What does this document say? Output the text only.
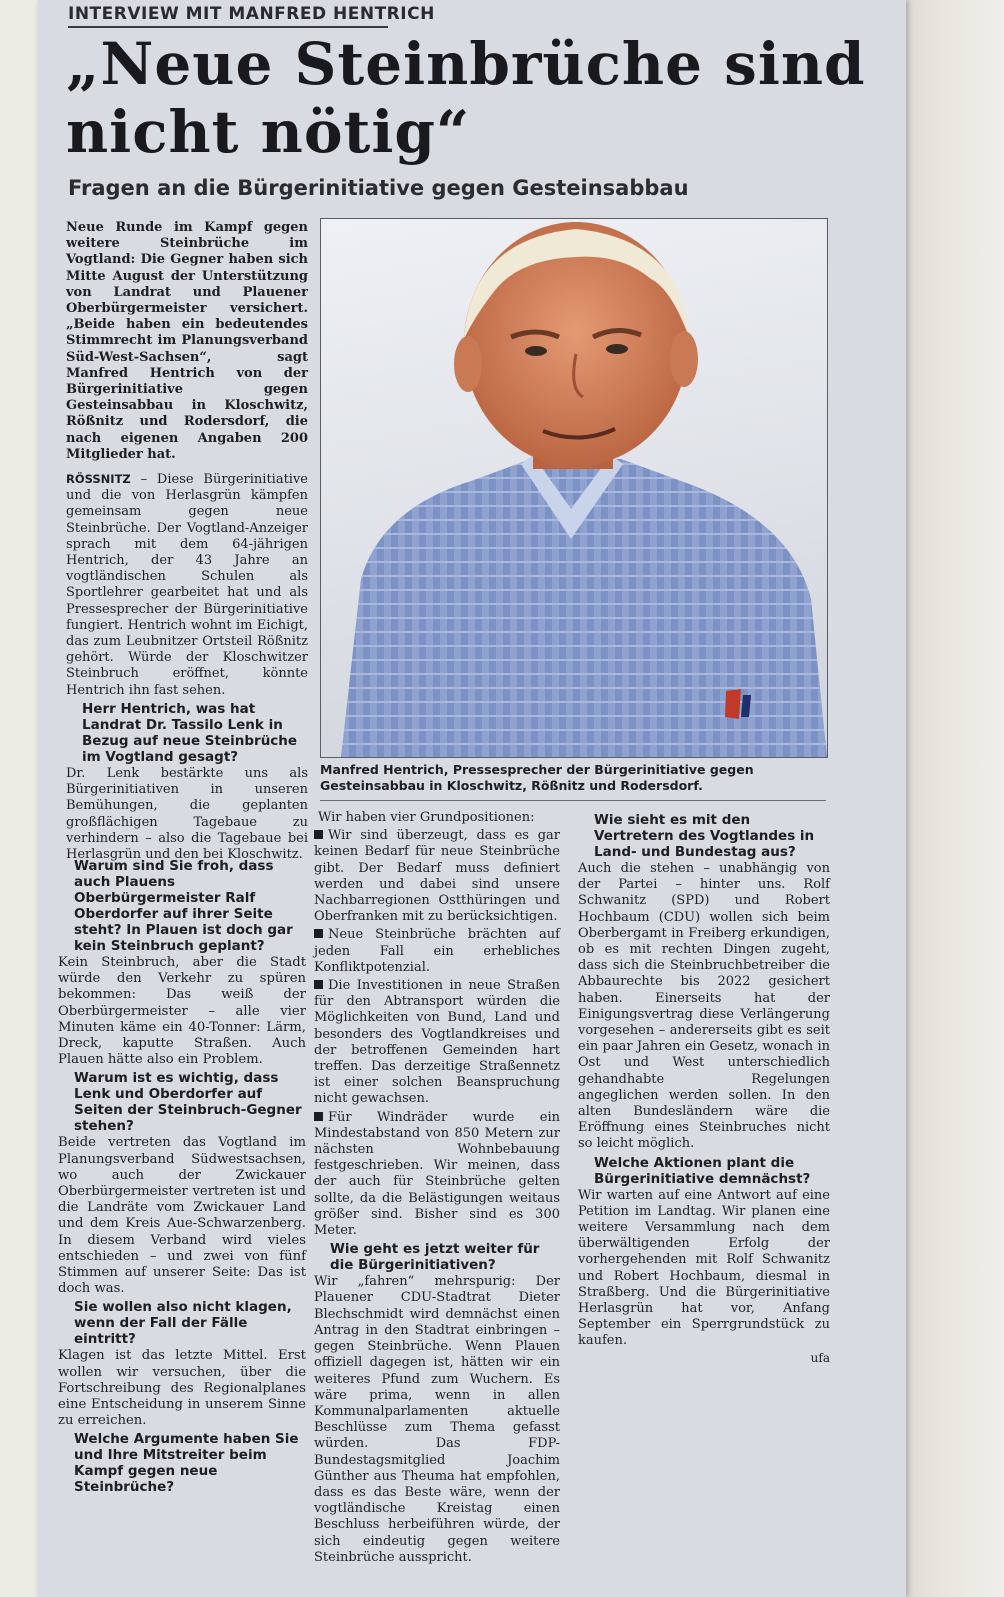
INTERVIEW MIT MANFRED HENTRICH
„Neue Steinbrüche sind nicht nötig“
Fragen an die Bürgerinitiative gegen Gesteinsabbau

Neue Runde im Kampf gegen weitere Steinbrüche im Vogtland: Die Gegner haben sich Mitte August der Unterstützung von Landrat und Plauener Oberbürgermeister versichert. „Beide haben ein bedeutendes Stimmrecht im Planungsverband Süd-West-Sachsen“, sagt Manfred Hentrich von der Bürgerinitiative gegen Gesteinsabbau in Kloschwitz, Rößnitz und Rodersdorf, die nach eigenen Angaben 200 Mitglieder hat.

RÖSSNITZ – Diese Bürgerinitiative und die von Herlasgrün kämpfen gemeinsam gegen neue Steinbrüche. Der Vogtland-Anzeiger sprach mit dem 64-jährigen Hentrich, der 43 Jahre an vogtländischen Schulen als Sportlehrer gearbeitet hat und als Pressesprecher der Bürgerinitiative fungiert. Hentrich wohnt im Eichigt, das zum Leubnitzer Ortsteil Rößnitz gehört. Würde der Kloschwitzer Steinbruch eröffnet, könnte Hentrich ihn fast sehen.

Herr Hentrich, was hat Landrat Dr. Tassilo Lenk in Bezug auf neue Steinbrüche im Vogtland gesagt?

Dr. Lenk bestärkte uns als Bürgerinitiativen in unseren Bemühungen, die geplanten großflächigen Tagebaue zu verhindern – also die Tagebaue bei Herlasgrün und den bei Kloschwitz.

Warum sind Sie froh, dass auch Plauens Oberbürgermeister Ralf Oberdorfer auf ihrer Seite steht? In Plauen ist doch gar kein Steinbruch geplant?

Kein Steinbruch, aber die Stadt würde den Verkehr zu spüren bekommen: Das weiß der Oberbürgermeister – alle vier Minuten käme ein 40-Tonner: Lärm, Dreck, kaputte Straßen. Auch Plauen hätte also ein Problem.

Warum ist es wichtig, dass Lenk und Oberdorfer auf Seiten der Steinbruch-Gegner stehen?

Beide vertreten das Vogtland im Planungsverband Südwestsachsen, wo auch der Zwickauer Oberbürgermeister vertreten ist und die Landräte vom Zwickauer Land und dem Kreis Aue-Schwarzenberg. In diesem Verband wird vieles entschieden – und zwei von fünf Stimmen auf unserer Seite: Das ist doch was.

Sie wollen also nicht klagen, wenn der Fall der Fälle eintritt?

Klagen ist das letzte Mittel. Erst wollen wir versuchen, über die Fortschreibung des Regionalplanes eine Entscheidung in unserem Sinne zu erreichen.

Welche Argumente haben Sie und Ihre Mitstreiter beim Kampf gegen neue Steinbrüche?

Manfred Hentrich, Pressesprecher der Bürgerinitiative gegen Gesteinsabbau in Kloschwitz, Rößnitz und Rodersdorf.

Wir haben vier Grundpositionen:

Wir sind überzeugt, dass es gar keinen Bedarf für neue Steinbrüche gibt. Der Bedarf muss definiert werden und dabei sind unsere Nachbarregionen Ostthüringen und Oberfranken mit zu berücksichtigen.

Neue Steinbrüche brächten auf jeden Fall ein erhebliches Konfliktpotenzial.

Die Investitionen in neue Straßen für den Abtransport würden die Möglichkeiten von Bund, Land und besonders des Vogtlandkreises und der betroffenen Gemeinden hart treffen. Das derzeitige Straßennetz ist einer solchen Beanspruchung nicht gewachsen.

Für Windräder wurde ein Mindestabstand von 850 Metern zur nächsten Wohnbebauung festgeschrieben. Wir meinen, dass der auch für Steinbrüche gelten sollte, da die Belästigungen weitaus größer sind. Bisher sind es 300 Meter.

Wie geht es jetzt weiter für die Bürgerinitiativen?

Wir „fahren“ mehrspurig: Der Plauener CDU-Stadtrat Dieter Blechschmidt wird demnächst einen Antrag in den Stadtrat einbringen – gegen Steinbrüche. Wenn Plauen offiziell dagegen ist, hätten wir ein weiteres Pfund zum Wuchern. Es wäre prima, wenn in allen Kommunalparlamenten aktuelle Beschlüsse zum Thema gefasst würden. Das FDP-Bundestagsmitglied Joachim Günther aus Theuma hat empfohlen, dass es das Beste wäre, wenn der vogtländische Kreistag einen Beschluss herbeiführen würde, der sich eindeutig gegen weitere Steinbrüche ausspricht.

Wie sieht es mit den Vertretern des Vogtlandes in Land- und Bundestag aus?

Auch die stehen – unabhängig von der Partei – hinter uns. Rolf Schwanitz (SPD) und Robert Hochbaum (CDU) wollen sich beim Oberbergamt in Freiberg erkundigen, ob es mit rechten Dingen zugeht, dass sich die Steinbruchbetreiber die Abbaurechte bis 2022 gesichert haben. Einerseits hat der Einigungsvertrag diese Verlängerung vorgesehen – andererseits gibt es seit ein paar Jahren ein Gesetz, wonach in Ost und West unterschiedlich gehandhabte Regelungen angeglichen werden sollen. In den alten Bundesländern wäre die Eröffnung eines Steinbruches nicht so leicht möglich.

Welche Aktionen plant die Bürgerinitiative demnächst?

Wir warten auf eine Antwort auf eine Petition im Landtag. Wir planen eine weitere Versammlung nach dem überwältigenden Erfolg der vorhergehenden mit Rolf Schwanitz und Robert Hochbaum, diesmal in Straßberg. Und die Bürgerinitiative Herlasgrün hat vor, Anfang September ein Sperrgrundstück zu kaufen.

ufa
